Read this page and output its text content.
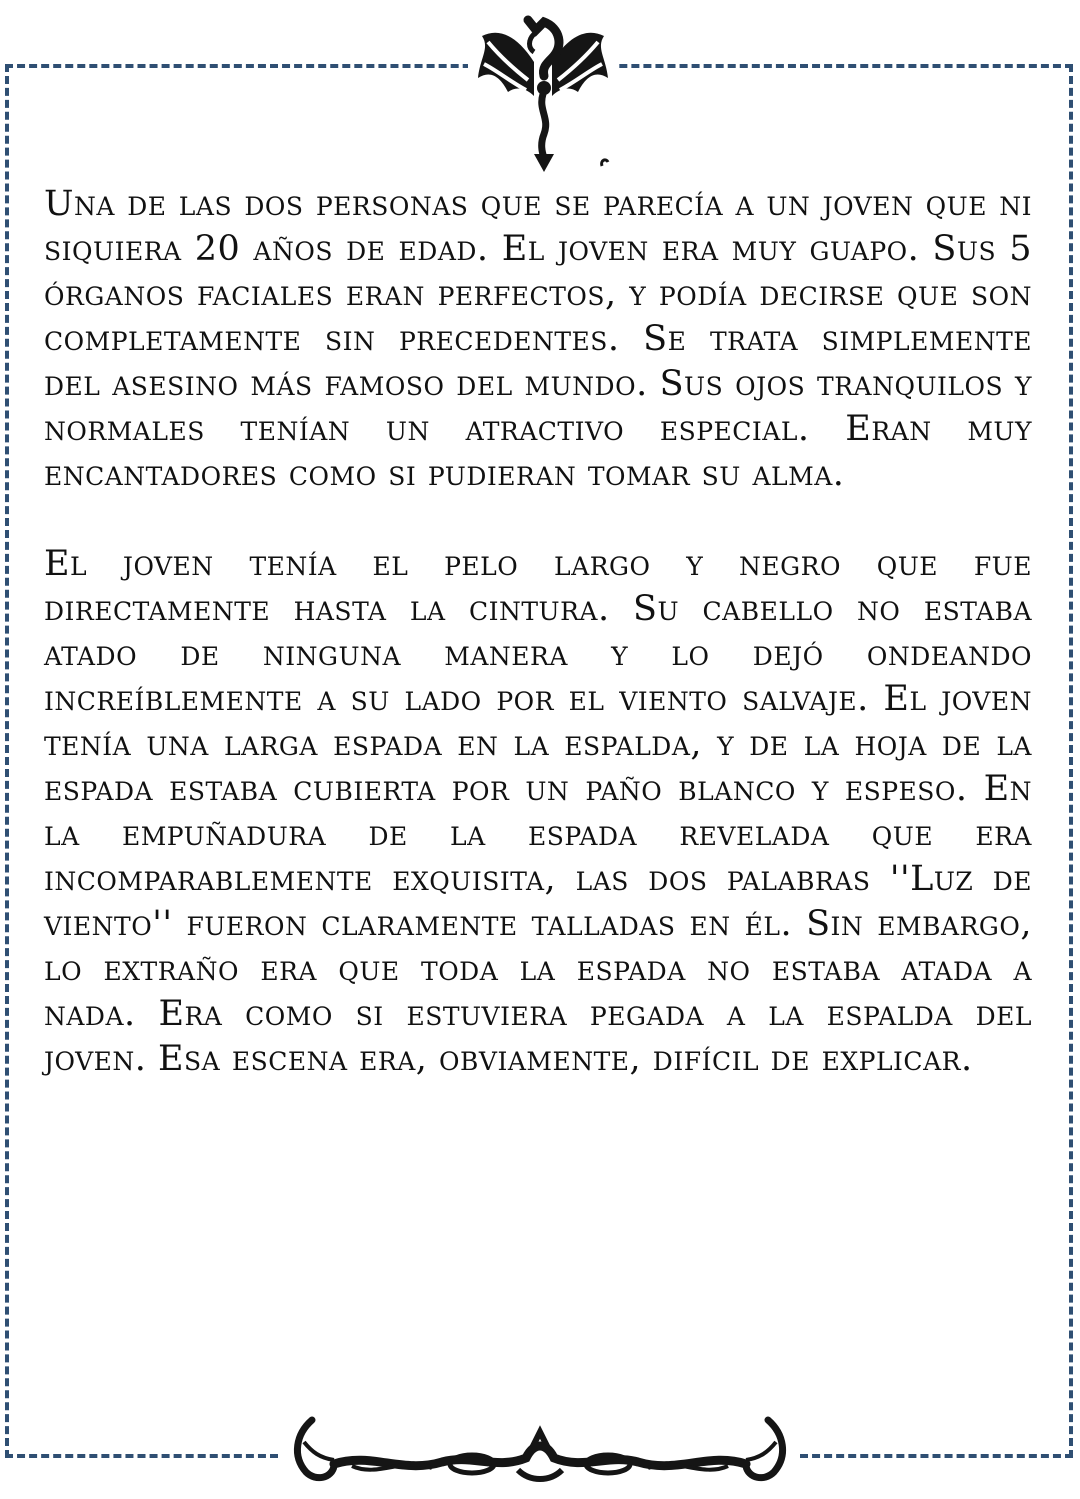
Una de las dos personas que se parecía a un joven que ni siquiera 20 años de edad. El joven era muy guapo. Sus 5 órganos faciales eran perfectos, y podía decirse que son completamente sin precedentes. Se trata simplemente del asesino más famoso del mundo. Sus ojos tranquilos y normales tenían un atractivo especial. Eran muy encantadores como si pudieran tomar su alma.

El joven tenía el pelo largo y negro que fue directamente hasta la cintura. Su cabello no estaba atado de ninguna manera y lo dejó ondeando increíblemente a su lado por el viento salvaje. El joven tenía una larga espada en la espalda, y de la hoja de la espada estaba cubierta por un paño blanco y espeso. En la empuñadura de la espada revelada que era incomparablemente exquisita, las dos palabras ''Luz de viento'' fueron claramente talladas en él. Sin embargo, lo extraño era que toda la espada no estaba atada a nada. Era como si estuviera pegada a la espalda del joven. Esa escena era, obviamente, difícil de explicar.
